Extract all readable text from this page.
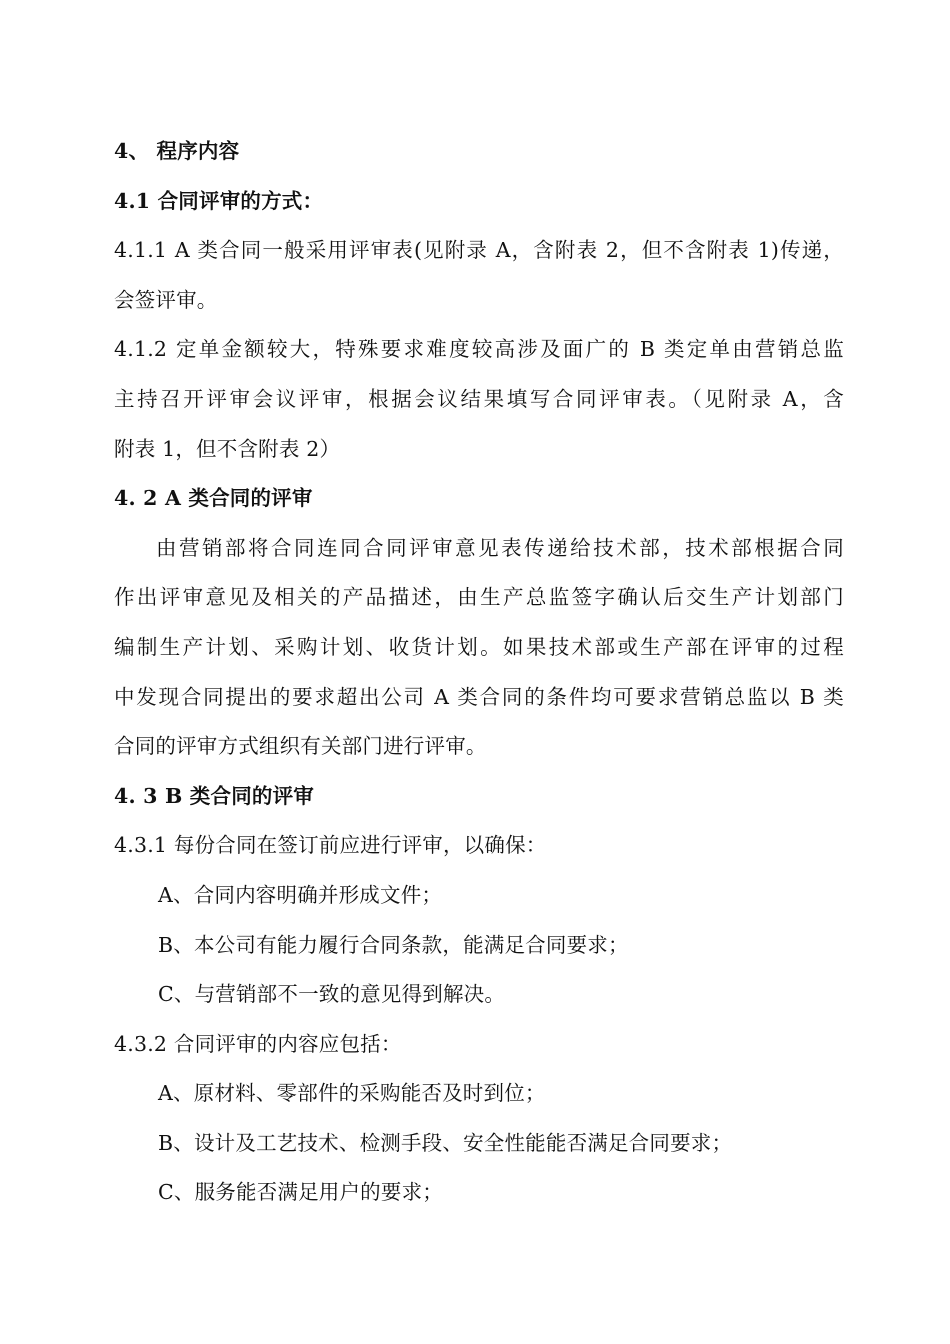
4、 程序内容
4.1 合同评审的方式：
4.1.1 A 类合同一般采用评审表(见附录 A，含附表 2，但不含附表 1)传递，
会签评审。
4.1.2 定单金额较大，特殊要求难度较高涉及面广的 B 类定单由营销总监
主持召开评审会议评审，根据会议结果填写合同评审表。（见附录 A，含
附表 1，但不含附表 2）
4. 2 A 类合同的评审
由营销部将合同连同合同评审意见表传递给技术部，技术部根据合同
作出评审意见及相关的产品描述，由生产总监签字确认后交生产计划部门
编制生产计划、采购计划、收货计划。如果技术部或生产部在评审的过程
中发现合同提出的要求超出公司 A 类合同的条件均可要求营销总监以 B 类
合同的评审方式组织有关部门进行评审。
4. 3 B 类合同的评审
4.3.1 每份合同在签订前应进行评审，以确保：
A、合同内容明确并形成文件；
B、本公司有能力履行合同条款，能满足合同要求；
C、与营销部不一致的意见得到解决。
4.3.2 合同评审的内容应包括：
A、原材料、零部件的采购能否及时到位；
B、设计及工艺技术、检测手段、安全性能能否满足合同要求；
C、服务能否满足用户的要求；
